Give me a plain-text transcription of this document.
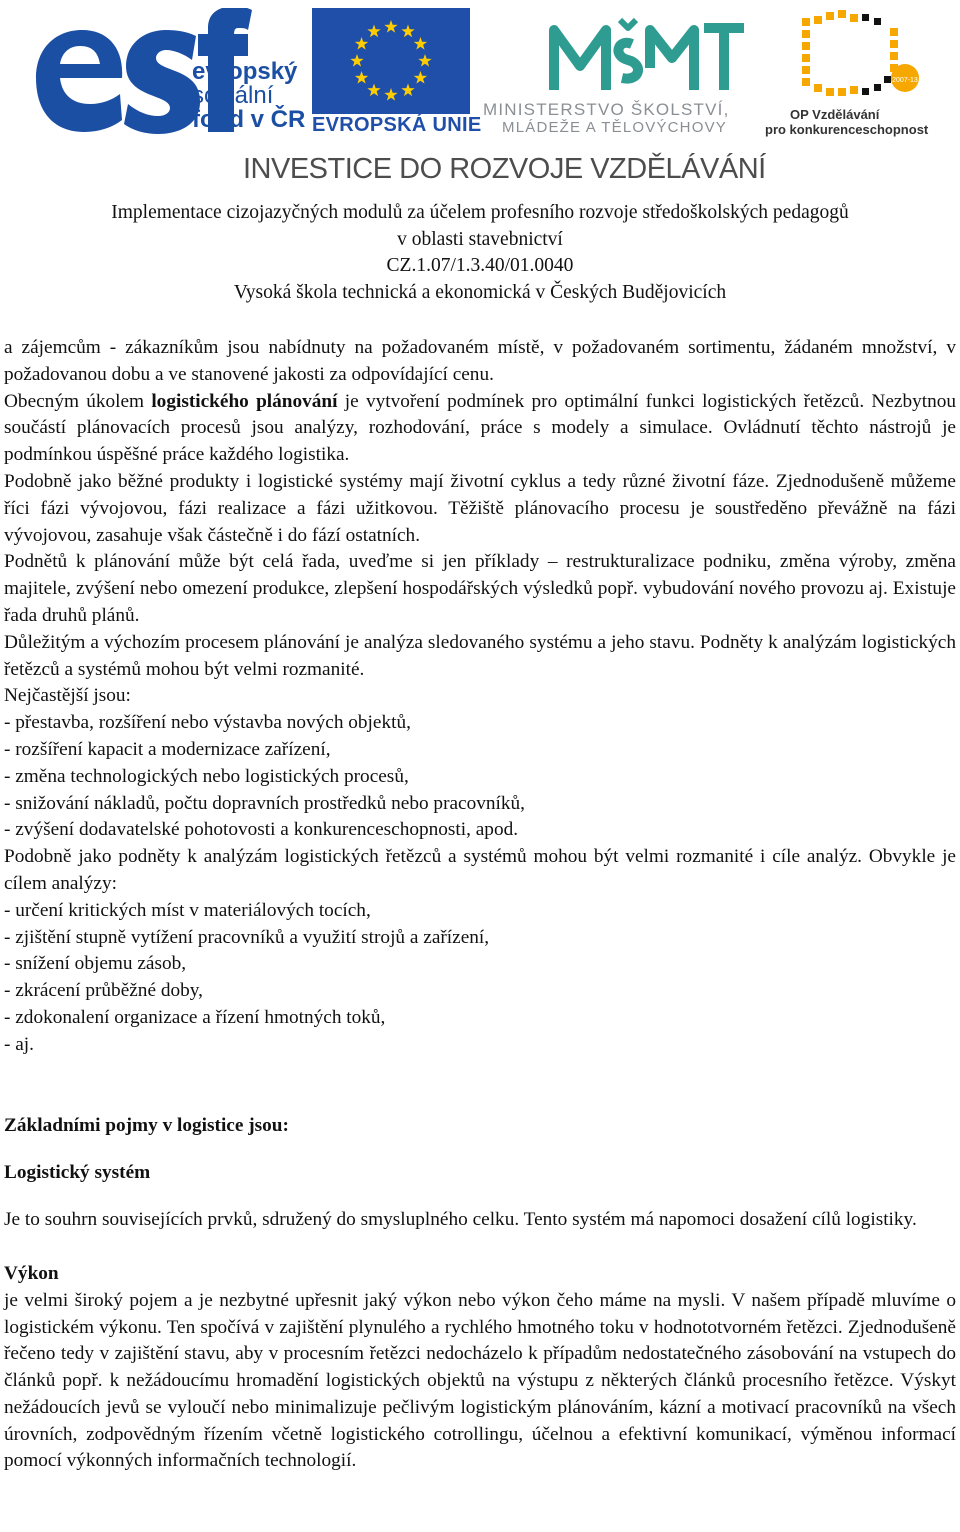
evropský
sociální
fond v ČR EVROPSKÁ UNIE
MINISTERSTVO ŠKOLSTVÍ,
MLÁDEŽE A TĚLOVÝCHOVY
2007-13
OP Vzdělávání
pro konkurenceschopnost
INVESTICE DO ROZVOJE VZDĚLÁVÁNÍ
Implementace cizojazyčných modulů za účelem profesního rozvoje středoškolských pedagogů
v oblasti stavebnictví
CZ.1.07/1.3.40/01.0040
Vysoká škola technická a ekonomická v Českých Budějovicích

a zájemcům - zákazníkům jsou nabídnuty na požadovaném místě, v požadovaném sortimentu, žádaném množství, v požadovanou dobu a ve stanovené jakosti za odpovídající cenu.

Obecným úkolem logistického plánování je vytvoření podmínek pro optimální funkci logistických řetězců. Nezbytnou součástí plánovacích procesů jsou analýzy, rozhodování, práce s modely a simulace. Ovládnutí těchto nástrojů je podmínkou úspěšné práce každého logistika.

Podobně jako běžné produkty i logistické systémy mají životní cyklus a tedy různé životní fáze. Zjednodušeně můžeme říci fázi vývojovou, fázi realizace a fázi užitkovou. Těžiště plánovacího procesu je soustředěno převážně na fázi vývojovou, zasahuje však částečně i do fází ostatních.

Podnětů k plánování může být celá řada, uveďme si jen příklady – restrukturalizace podniku, změna výroby, změna majitele, zvýšení nebo omezení produkce, zlepšení hospodářských výsledků popř. vybudování nového provozu aj. Existuje řada druhů plánů.

Důležitým a výchozím procesem plánování je analýza sledovaného systému a jeho stavu. Podněty k analýzám logistických řetězců a systémů mohou být velmi rozmanité.

Nejčastější jsou:

- přestavba, rozšíření nebo výstavba nových objektů,

- rozšíření kapacit a modernizace zařízení,

- změna technologických nebo logistických procesů,

- snižování nákladů, počtu dopravních prostředků nebo pracovníků,

- zvýšení dodavatelské pohotovosti a konkurenceschopnosti, apod.

Podobně jako podněty k analýzám logistických řetězců a systémů mohou být velmi rozmanité i cíle analýz. Obvykle je cílem analýzy:

- určení kritických míst v materiálových tocích,

- zjištění stupně vytížení pracovníků a využití strojů a zařízení,

- snížení objemu zásob,

- zkrácení průběžné doby,

- zdokonalení organizace a řízení hmotných toků,

- aj.

Základními pojmy v logistice jsou:

Logistický systém

Je to souhrn souvisejících prvků, sdružený do smysluplného celku. Tento systém má napomoci dosažení cílů logistiky.

Výkon

je velmi široký pojem a je nezbytné upřesnit jaký výkon nebo výkon čeho máme na mysli. V našem případě mluvíme o logistickém výkonu. Ten spočívá v zajištění plynulého a rychlého hmotného toku v hodnototvorném řetězci. Zjednodušeně řečeno tedy v zajištění stavu, aby v procesním řetězci nedocházelo k případům nedostatečného zásobování na vstupech do článků popř. k nežádoucímu hromadění logistických objektů na výstupu z některých článků procesního řetězce. Výskyt nežádoucích jevů se vyloučí nebo minimalizuje pečlivým logistickým plánováním, kázní a motivací pracovníků na všech úrovních, zodpovědným řízením včetně logistického cotrollingu, účelnou a efektivní komunikací, výměnou informací pomocí výkonných informačních technologií.
